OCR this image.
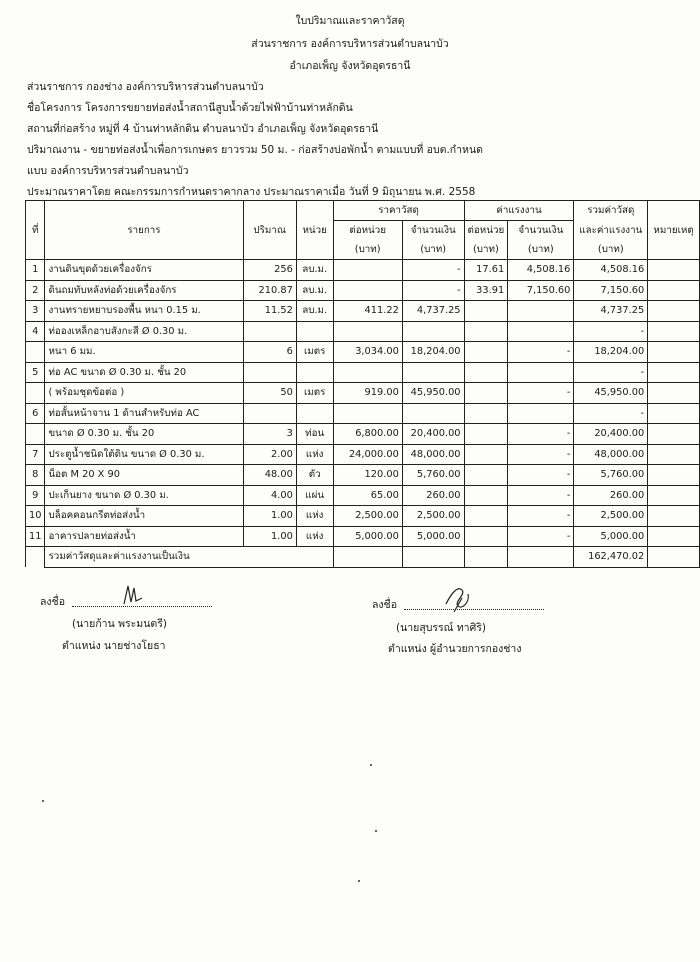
ใบปริมาณและราคาวัสดุ
ส่วนราชการ องค์การบริหารส่วนตำบลนาบัว
อำเภอเพ็ญ จังหวัดอุดรธานี
ส่วนราชการ กองช่าง องค์การบริหารส่วนตำบลนาบัว
ชื่อโครงการ โครงการขยายท่อส่งน้ำสถานีสูบน้ำด้วยไฟฟ้าบ้านท่าหลักดิน
สถานที่ก่อสร้าง หมู่ที่ 4 บ้านท่าหลักดิน ตำบลนาบัว อำเภอเพ็ญ จังหวัดอุดรธานี
ปริมาณงาน - ขยายท่อส่งน้ำเพื่อการเกษตร ยาวรวม 50 ม. - ก่อสร้างบ่อพักน้ำ ตามแบบที่ อบต.กำหนด
แบบ องค์การบริหารส่วนตำบลนาบัว
ประมาณราคาโดย คณะกรรมการกำหนดราคากลาง ประมาณราคาเมื่อ วันที่ 9 มิถุนายน พ.ศ. 2558
ที่	รายการ	ปริมาณ	หน่วย	ราคาวัสดุ		ค่าแรงงาน		รวมค่าวัสดุ	หมายเหตุ
				ต่อหน่วย	จำนวนเงิน	ต่อหน่วย	จำนวนเงิน	และค่าแรงงาน	
				(บาท)	(บาท)	(บาท)	(บาท)	(บาท)	
1	งานดินขุดด้วยเครื่องจักร	256	ลบ.ม.		-	17.61	4,508.16	4,508.16	
2	ดินถมทับหลังท่อด้วยเครื่องจักร	210.87	ลบ.ม.		-	33.91	7,150.60	7,150.60	
3	งานทรายหยาบรองพื้น หนา 0.15 ม.	11.52	ลบ.ม.	411.22	4,737.25			4,737.25	
4	ท่อองเหล็กอาบสังกะสี Ø 0.30 ม.							-	
	หนา 6 มม.	6	เมตร	3,034.00	18,204.00		-	18,204.00	
5	ท่อ AC ขนาด Ø 0.30 ม. ชั้น 20							-	
	( พร้อมชุดข้อต่อ )	50	เมตร	919.00	45,950.00		-	45,950.00	
6	ท่อสั้นหน้าจาน 1 ด้านสำหรับท่อ AC							-	
	ขนาด Ø 0.30 ม. ชั้น 20	3	ท่อน	6,800.00	20,400.00		-	20,400.00	
7	ประตูน้ำชนิดใต้ดิน ขนาด Ø 0.30 ม.	2.00	แห่ง	24,000.00	48,000.00		-	48,000.00	
8	น็อต M 20 X 90	48.00	ตัว	120.00	5,760.00		-	5,760.00	
9	ปะเก็นยาง ขนาด Ø 0.30 ม.	4.00	แผ่น	65.00	260.00		-	260.00	
10	บล็อคคอนกรีตท่อส่งน้ำ	1.00	แห่ง	2,500.00	2,500.00		-	2,500.00	
11	อาคารปลายท่อส่งน้ำ	1.00	แห่ง	5,000.00	5,000.00		-	5,000.00	
	รวมค่าวัสดุและค่าแรงงานเป็นเงิน							162,470.02	
ลงชื่อ
(นายก้าน พระมนตรี)
ตำแหน่ง นายช่างโยธา
ลงชื่อ
(นายสุบรรณ์ ทาศิริ)
ตำแหน่ง ผู้อำนวยการกองช่าง
